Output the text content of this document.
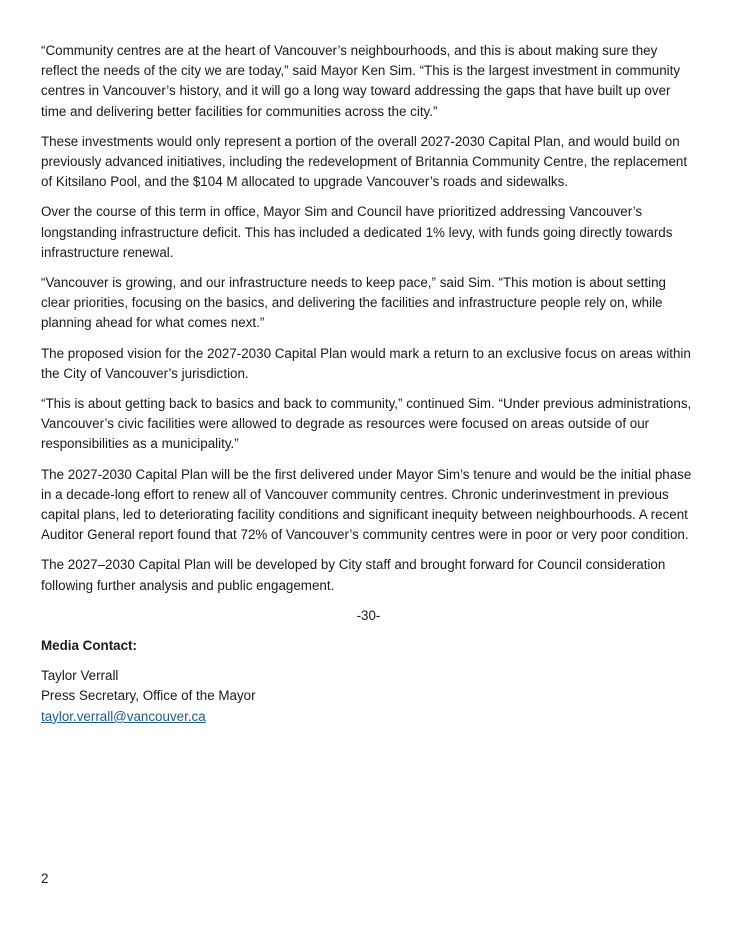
“Community centres are at the heart of Vancouver’s neighbourhoods, and this is about making sure they reflect the needs of the city we are today,” said Mayor Ken Sim. “This is the largest investment in community centres in Vancouver’s history, and it will go a long way toward addressing the gaps that have built up over time and delivering better facilities for communities across the city.”

These investments would only represent a portion of the overall 2027-2030 Capital Plan, and would build on previously advanced initiatives, including the redevelopment of Britannia Community Centre, the replacement of Kitsilano Pool, and the $104 M allocated to upgrade Vancouver’s roads and sidewalks.

Over the course of this term in office, Mayor Sim and Council have prioritized addressing Vancouver’s longstanding infrastructure deficit. This has included a dedicated 1% levy, with funds going directly towards infrastructure renewal.

“Vancouver is growing, and our infrastructure needs to keep pace,” said Sim. “This motion is about setting clear priorities, focusing on the basics, and delivering the facilities and infrastructure people rely on, while planning ahead for what comes next.”

The proposed vision for the 2027-2030 Capital Plan would mark a return to an exclusive focus on areas within the City of Vancouver’s jurisdiction.

“This is about getting back to basics and back to community,” continued Sim. “Under previous administrations, Vancouver’s civic facilities were allowed to degrade as resources were focused on areas outside of our responsibilities as a municipality.”

The 2027-2030 Capital Plan will be the first delivered under Mayor Sim’s tenure and would be the initial phase in a decade-long effort to renew all of Vancouver community centres. Chronic underinvestment in previous capital plans, led to deteriorating facility conditions and significant inequity between neighbourhoods. A recent Auditor General report found that 72% of Vancouver’s community centres were in poor or very poor condition.

The 2027–2030 Capital Plan will be developed by City staff and brought forward for Council consideration following further analysis and public engagement.

-30-
Media Contact:
Taylor Verrall
Press Secretary, Office of the Mayor
taylor.verrall@vancouver.ca
2
